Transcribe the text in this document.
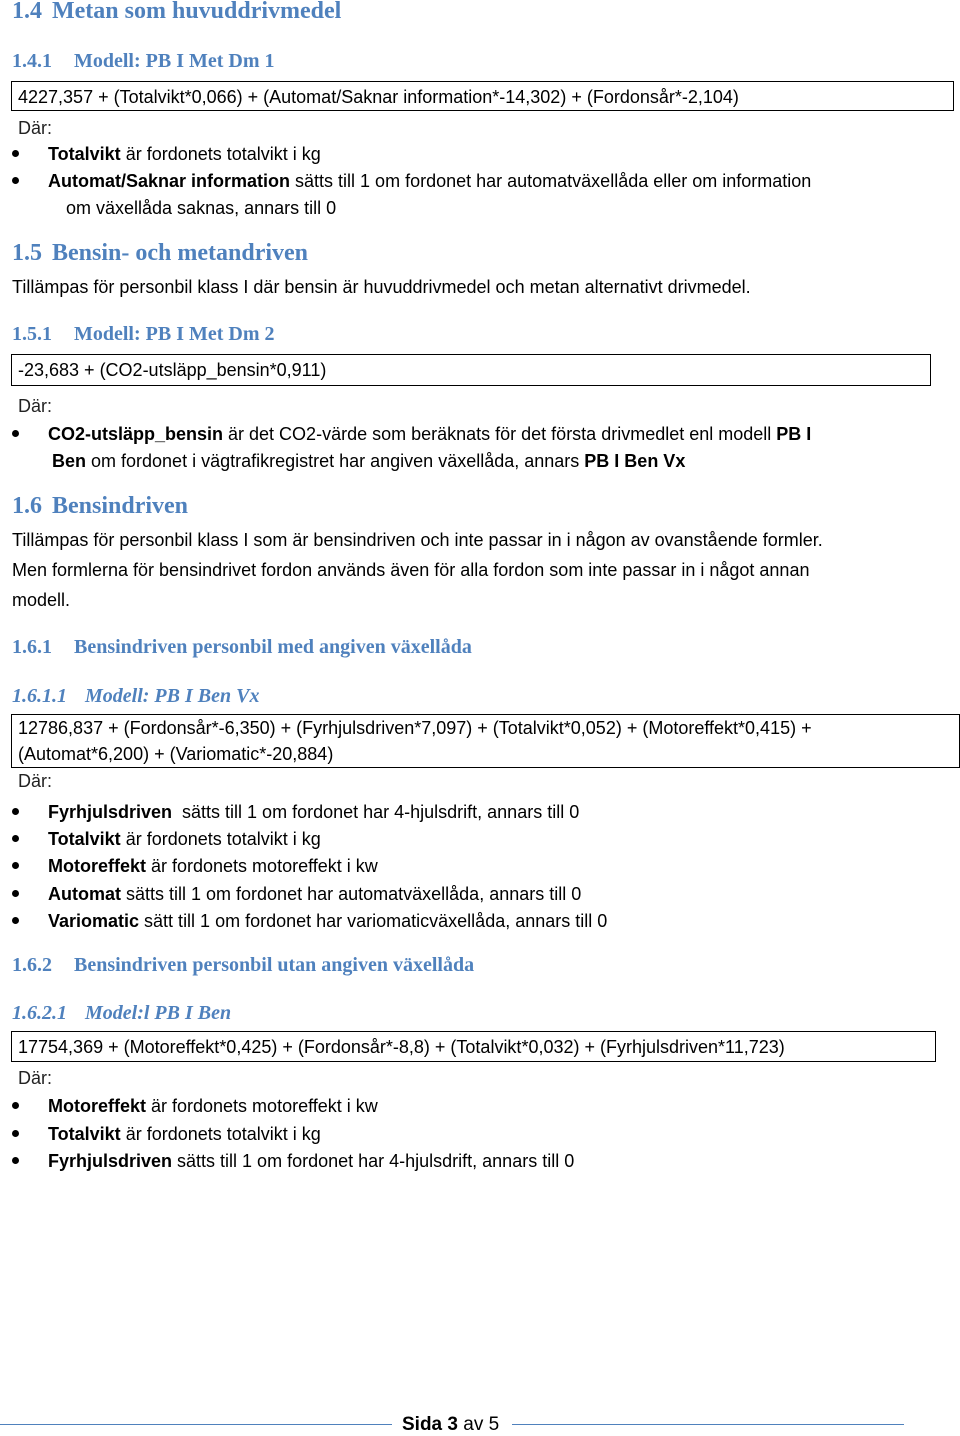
1.4 Metan som huvuddrivmedel
1.4.1 Modell: PB I Met Dm 1
4227,357 + (Totalvikt*0,066) + (Automat/Saknar information*-14,302) + (Fordonsår*-2,104)
Där:
Totalvikt är fordonets totalvikt i kg
Automat/Saknar information sätts till 1 om fordonet har automatväxellåda eller om information
om växellåda saknas, annars till 0
1.5 Bensin- och metandriven
Tillämpas för personbil klass I där bensin är huvuddrivmedel och metan alternativt drivmedel.
1.5.1 Modell: PB I Met Dm 2
-23,683 + (CO2-utsläpp_bensin*0,911)
Där:
CO2-utsläpp_bensin är det CO2-värde som beräknats för det första drivmedlet enl modell PB I
Ben om fordonet i vägtrafikregistret har angiven växellåda, annars PB I Ben Vx
1.6 Bensindriven
Tillämpas för personbil klass I som är bensindriven och inte passar in i någon av ovanstående formler.
Men formlerna för bensindrivet fordon används även för alla fordon som inte passar in i något annan
modell.
1.6.1 Bensindriven personbil med angiven växellåda
1.6.1.1 Modell: PB I Ben Vx
12786,837 + (Fordonsår*-6,350) + (Fyrhjulsdriven*7,097) + (Totalvikt*0,052) + (Motoreffekt*0,415) +
(Automat*6,200) + (Variomatic*-20,884)
Där:
Fyrhjulsdriven  sätts till 1 om fordonet har 4-hjulsdrift, annars till 0
Totalvikt är fordonets totalvikt i kg
Motoreffekt är fordonets motoreffekt i kw
Automat sätts till 1 om fordonet har automatväxellåda, annars till 0
Variomatic sätt till 1 om fordonet har variomaticväxellåda, annars till 0
1.6.2 Bensindriven personbil utan angiven växellåda
1.6.2.1 Model:l PB I Ben
17754,369 + (Motoreffekt*0,425) + (Fordonsår*-8,8) + (Totalvikt*0,032) + (Fyrhjulsdriven*11,723)
Där:
Motoreffekt är fordonets motoreffekt i kw
Totalvikt är fordonets totalvikt i kg
Fyrhjulsdriven sätts till 1 om fordonet har 4-hjulsdrift, annars till 0
Sida 3 av 5
